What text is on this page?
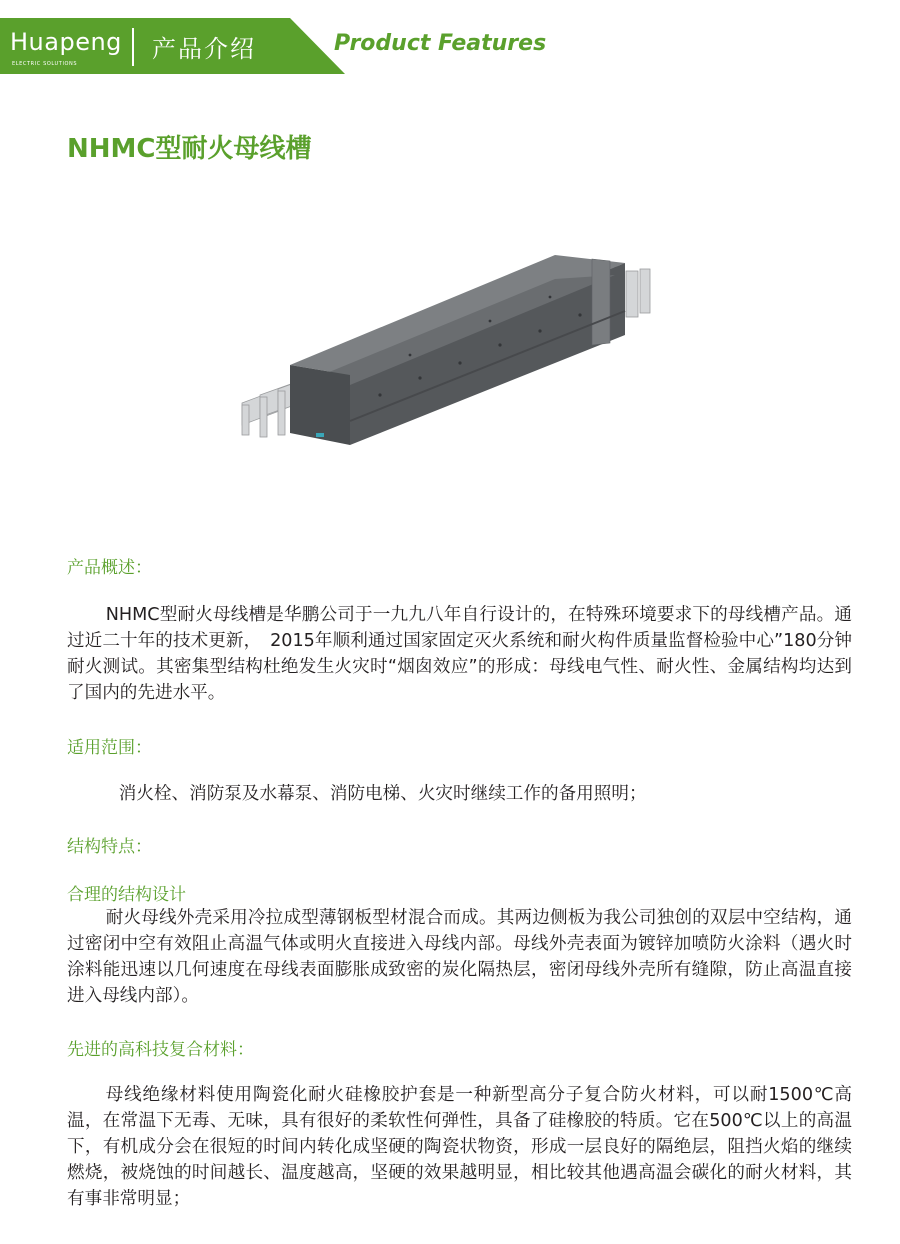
Huapeng
ELECTRIC SOLUTIONS
产品介绍	Product Features
NHMC型耐火母线槽
产品概述：

NHMC型耐火母线槽是华鹏公司于一九九八年自行设计的，在特殊环境要求下的母线槽产品。通过近二十年的技术更新，　2015年顺利通过国家固定灭火系统和耐火构件质量监督检验中心”180分钟耐火测试。其密集型结构杜绝发生火灾时“烟囱效应”的形成：母线电气性、耐火性、金属结构均达到了国内的先进水平。

适用范围：

消火栓、消防泵及水幕泵、消防电梯、火灾时继续工作的备用照明；

结构特点：
合理的结构设计

耐火母线外壳采用冷拉成型薄钢板型材混合而成。其两边侧板为我公司独创的双层中空结构，通过密闭中空有效阻止高温气体或明火直接进入母线内部。母线外壳表面为镀锌加喷防火涂料（遇火时涂料能迅速以几何速度在母线表面膨胀成致密的炭化隔热层，密闭母线外壳所有缝隙，防止高温直接进入母线内部）。

先进的高科技复合材料：

母线绝缘材料使用陶瓷化耐火硅橡胶护套是一种新型高分子复合防火材料，可以耐1500℃高温，在常温下无毒、无味，具有很好的柔软性何弹性，具备了硅橡胶的特质。它在500℃以上的高温下，有机成分会在很短的时间内转化成坚硬的陶瓷状物资，形成一层良好的隔绝层，阻挡火焰的继续燃烧，被烧蚀的时间越长、温度越高，坚硬的效果越明显，相比较其他遇高温会碳化的耐火材料，其有事非常明显；
